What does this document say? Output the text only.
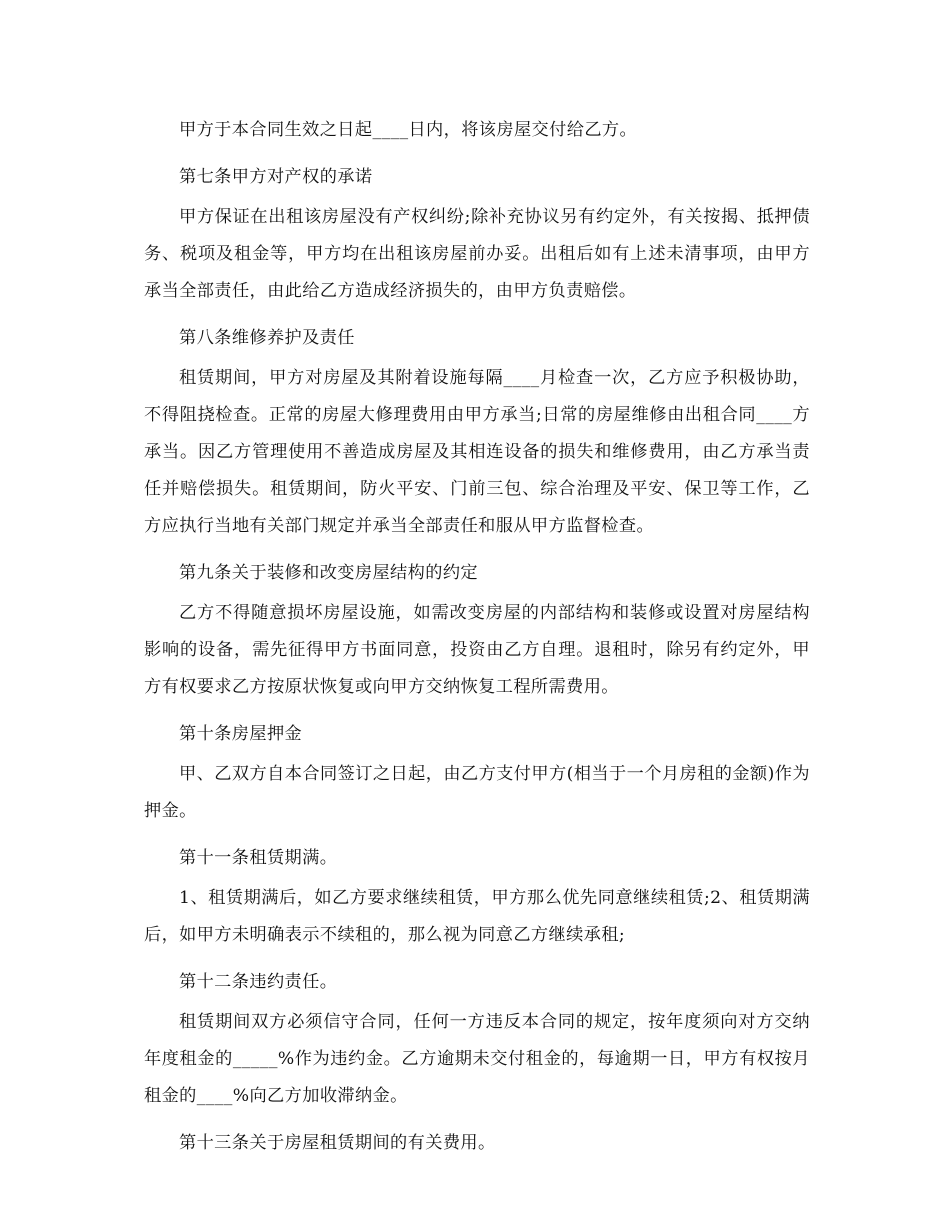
甲方于本合同生效之日起____日内，将该房屋交付给乙方。

第七条甲方对产权的承诺

甲方保证在出租该房屋没有产权纠纷;除补充协议另有约定外，有关按揭、抵押债务、税项及租金等，甲方均在出租该房屋前办妥。出租后如有上述未清事项，由甲方承当全部责任，由此给乙方造成经济损失的，由甲方负责赔偿。

第八条维修养护及责任

租赁期间，甲方对房屋及其附着设施每隔____月检查一次，乙方应予积极协助，不得阻挠检查。正常的房屋大修理费用由甲方承当;日常的房屋维修由出租合同____方承当。因乙方管理使用不善造成房屋及其相连设备的损失和维修费用，由乙方承当责任并赔偿损失。租赁期间，防火平安、门前三包、综合治理及平安、保卫等工作，乙方应执行当地有关部门规定并承当全部责任和服从甲方监督检查。

第九条关于装修和改变房屋结构的约定

乙方不得随意损坏房屋设施，如需改变房屋的内部结构和装修或设置对房屋结构影响的设备，需先征得甲方书面同意，投资由乙方自理。退租时，除另有约定外，甲方有权要求乙方按原状恢复或向甲方交纳恢复工程所需费用。

第十条房屋押金

甲、乙双方自本合同签订之日起，由乙方支付甲方(相当于一个月房租的金额)作为押金。

第十一条租赁期满。

1、租赁期满后，如乙方要求继续租赁，甲方那么优先同意继续租赁;2、租赁期满后，如甲方未明确表示不续租的，那么视为同意乙方继续承租;

第十二条违约责任。

租赁期间双方必须信守合同，任何一方违反本合同的规定，按年度须向对方交纳年度租金的_____%作为违约金。乙方逾期未交付租金的，每逾期一日，甲方有权按月租金的____%向乙方加收滞纳金。

第十三条关于房屋租赁期间的有关费用。
